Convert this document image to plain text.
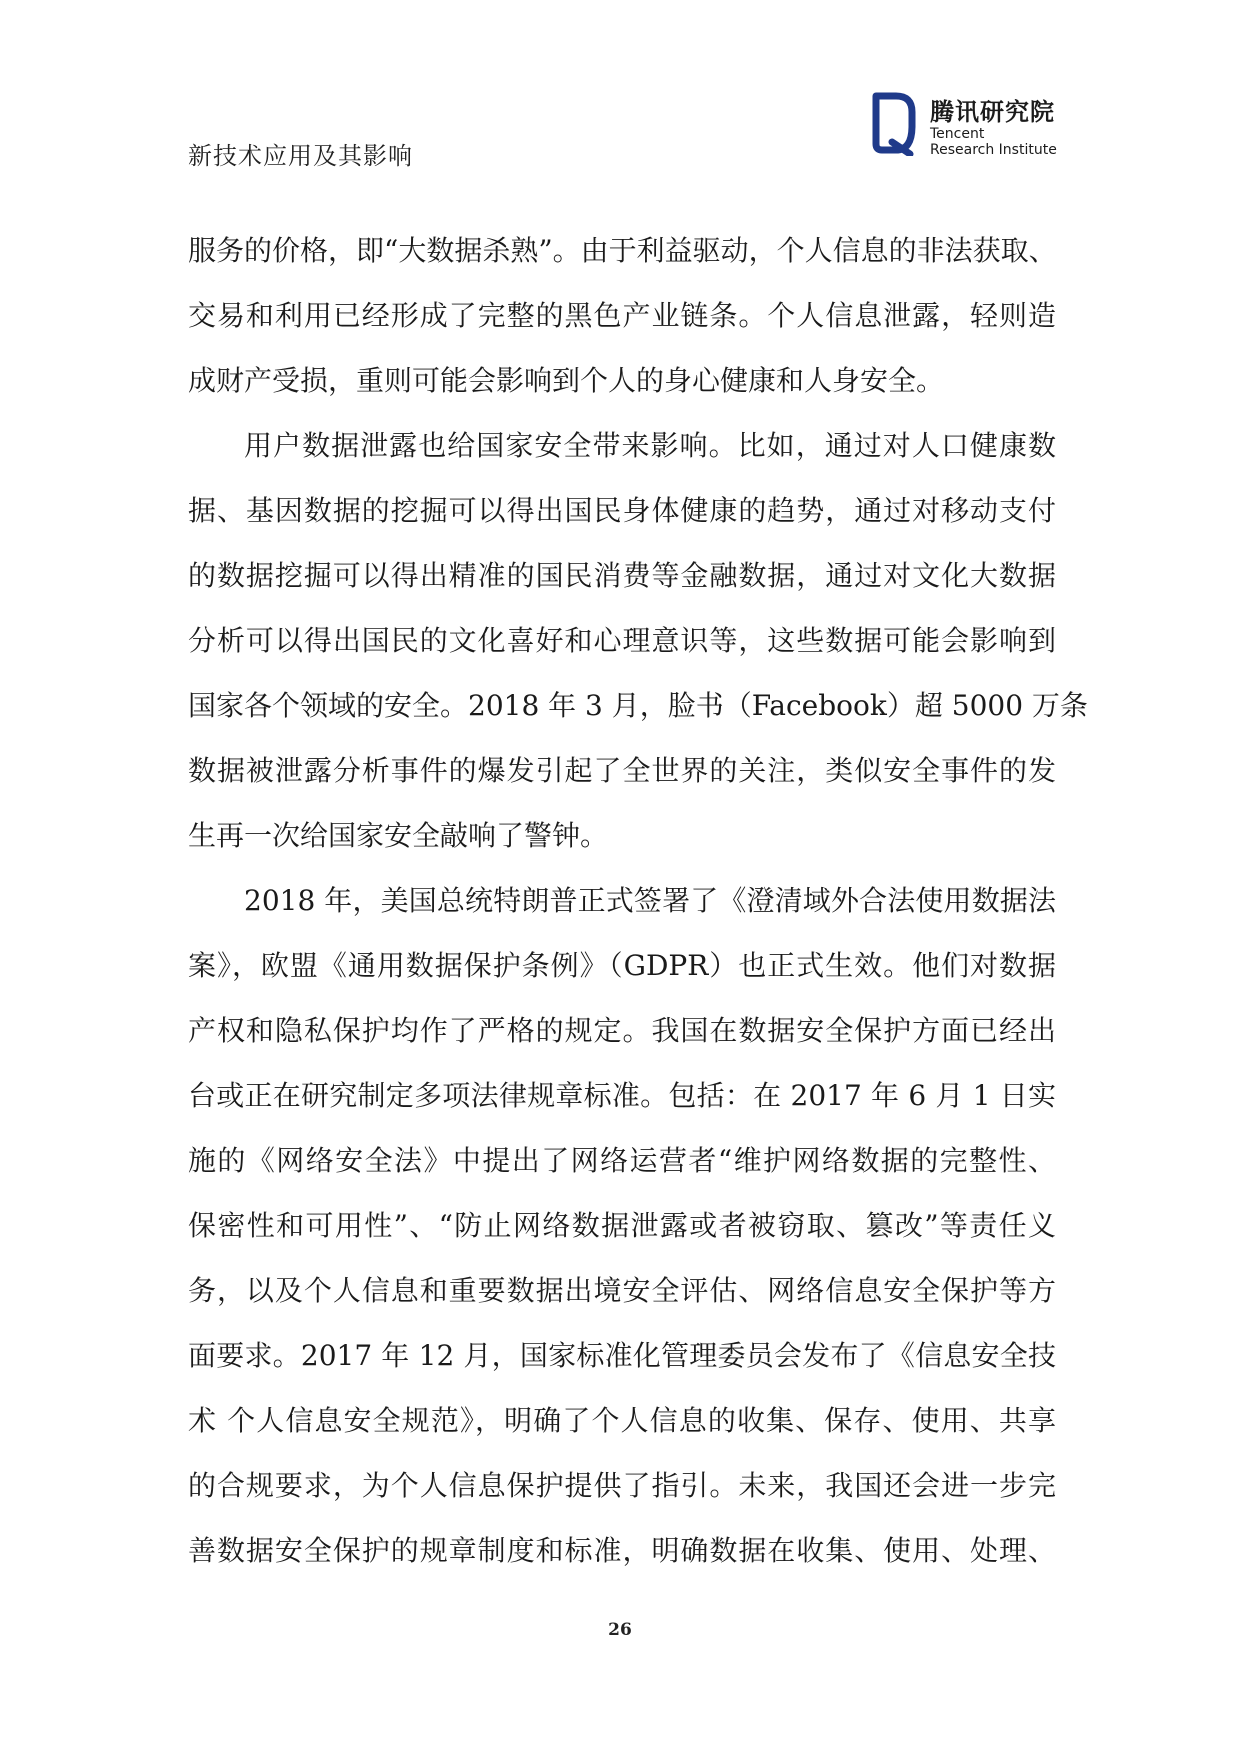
新技术应用及其影响
腾讯研究院
Tencent
Research Institute
服务的价格，即“大数据杀熟”。由于利益驱动，个人信息的非法获取、
交易和利用已经形成了完整的黑色产业链条。个人信息泄露，轻则造
成财产受损，重则可能会影响到个人的身心健康和人身安全。
用户数据泄露也给国家安全带来影响。比如，通过对人口健康数
据、基因数据的挖掘可以得出国民身体健康的趋势，通过对移动支付
的数据挖掘可以得出精准的国民消费等金融数据，通过对文化大数据
分析可以得出国民的文化喜好和心理意识等，这些数据可能会影响到
国家各个领域的安全。2018 年 3 月，脸书（Facebook）超 5000 万条
数据被泄露分析事件的爆发引起了全世界的关注，类似安全事件的发
生再一次给国家安全敲响了警钟。
2018 年，美国总统特朗普正式签署了《澄清域外合法使用数据法
案》，欧盟《通用数据保护条例》（GDPR）也正式生效。他们对数据
产权和隐私保护均作了严格的规定。我国在数据安全保护方面已经出
台或正在研究制定多项法律规章标准。包括：在 2017 年 6 月 1 日实
施的《网络安全法》中提出了网络运营者“维护网络数据的完整性、
保密性和可用性”、“防止网络数据泄露或者被窃取、篡改”等责任义
务，以及个人信息和重要数据出境安全评估、网络信息安全保护等方
面要求。2017 年 12 月，国家标准化管理委员会发布了《信息安全技
术 个人信息安全规范》，明确了个人信息的收集、保存、使用、共享
的合规要求，为个人信息保护提供了指引。未来，我国还会进一步完
善数据安全保护的规章制度和标准，明确数据在收集、使用、处理、
26
